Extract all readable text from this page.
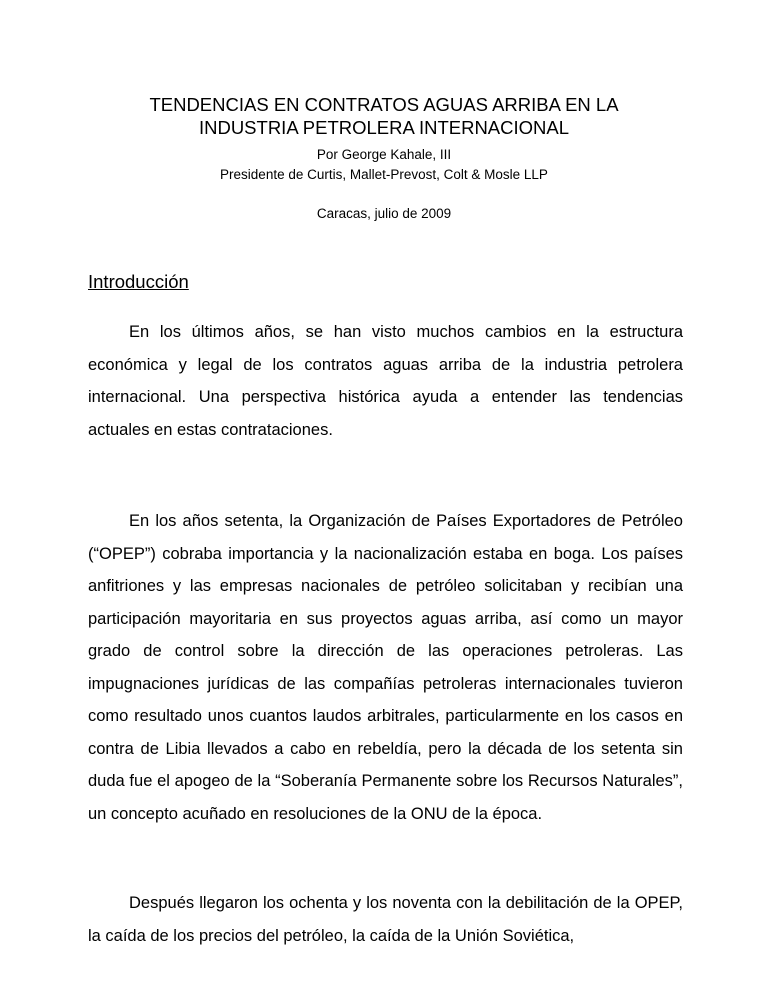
TENDENCIAS EN CONTRATOS AGUAS ARRIBA EN LA
INDUSTRIA PETROLERA INTERNACIONAL
Por George Kahale, III
Presidente de Curtis, Mallet-Prevost, Colt & Mosle LLP
Caracas, julio de 2009
Introducción

En los últimos años, se han visto muchos cambios en la estructura económica y legal de los contratos aguas arriba de la industria petrolera internacional. Una perspectiva histórica ayuda a entender las tendencias actuales en estas contrataciones.

En los años setenta, la Organización de Países Exportadores de Petróleo (“OPEP”) cobraba importancia y la nacionalización estaba en boga. Los países anfitriones y las empresas nacionales de petróleo solicitaban y recibían una participación mayoritaria en sus proyectos aguas arriba, así como un mayor grado de control sobre la dirección de las operaciones petroleras. Las impugnaciones jurídicas de las compañías petroleras internacionales tuvieron como resultado unos cuantos laudos arbitrales, particularmente en los casos en contra de Libia llevados a cabo en rebeldía, pero la década de los setenta sin duda fue el apogeo de la “Soberanía Permanente sobre los Recursos Naturales”, un concepto acuñado en resoluciones de la ONU de la época.

Después llegaron los ochenta y los noventa con la debilitación de la OPEP, la caída de los precios del petróleo, la caída de la Unión Soviética,
